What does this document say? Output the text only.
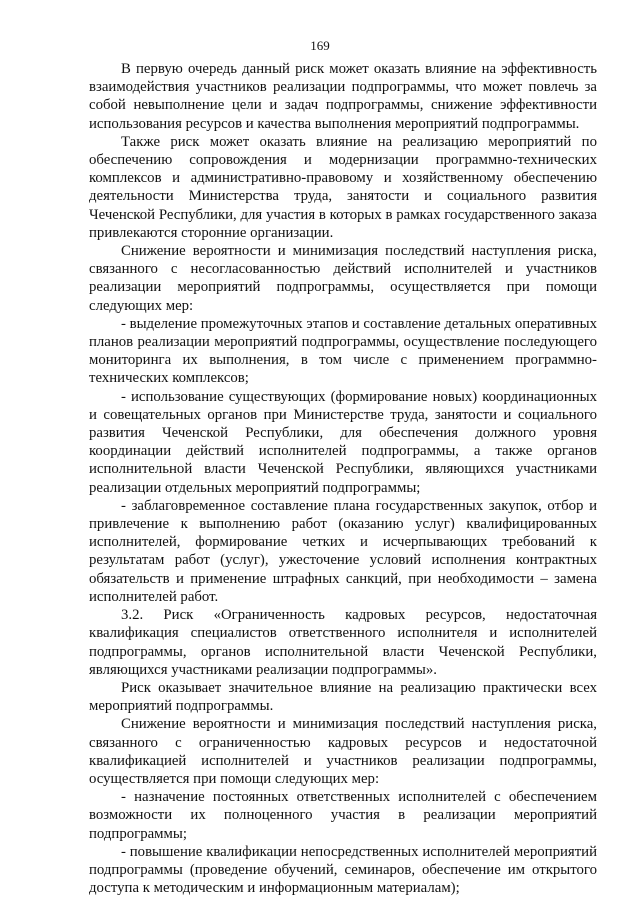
169

В первую очередь данный риск может оказать влияние на эффективность взаимодействия участников реализации подпрограммы, что может повлечь за собой невыполнение цели и задач подпрограммы, снижение эффективности использования ресурсов и качества выполнения мероприятий подпрограммы.

Также риск может оказать влияние на реализацию мероприятий по обеспечению сопровождения и модернизации программно-технических комплексов и административно-правовому и хозяйственному обеспечению деятельности Министерства труда, занятости и социального развития Чеченской Республики, для участия в которых в рамках государственного заказа привлекаются сторонние организации.

Снижение вероятности и минимизация последствий наступления риска, связанного с несогласованностью действий исполнителей и участников реализации мероприятий подпрограммы, осуществляется при помощи следующих мер:

- выделение промежуточных этапов и составление детальных оперативных планов реализации мероприятий подпрограммы, осуществление последующего мониторинга их выполнения, в том числе с применением программно-технических комплексов;

- использование существующих (формирование новых) координационных и совещательных органов при Министерстве труда, занятости и социального развития Чеченской Республики, для обеспечения должного уровня координации действий исполнителей подпрограммы, а также органов исполнительной власти Чеченской Республики, являющихся участниками реализации отдельных мероприятий подпрограммы;

- заблаговременное составление плана государственных закупок, отбор и привлечение к выполнению работ (оказанию услуг) квалифицированных исполнителей, формирование четких и исчерпывающих требований к результатам работ (услуг), ужесточение условий исполнения контрактных обязательств и применение штрафных санкций, при необходимости – замена исполнителей работ.

3.2. Риск «Ограниченность кадровых ресурсов, недостаточная квалификация специалистов ответственного исполнителя и исполнителей подпрограммы, органов исполнительной власти Чеченской Республики, являющихся участниками реализации подпрограммы».

Риск оказывает значительное влияние на реализацию практически всех мероприятий подпрограммы.

Снижение вероятности и минимизация последствий наступления риска, связанного с ограниченностью кадровых ресурсов и недостаточной квалификацией исполнителей и участников реализации подпрограммы, осуществляется при помощи следующих мер:

- назначение постоянных ответственных исполнителей с обеспечением возможности их полноценного участия в реализации мероприятий подпрограммы;

- повышение квалификации непосредственных исполнителей мероприятий подпрограммы (проведение обучений, семинаров, обеспечение им открытого доступа к методическим и информационным материалам);
